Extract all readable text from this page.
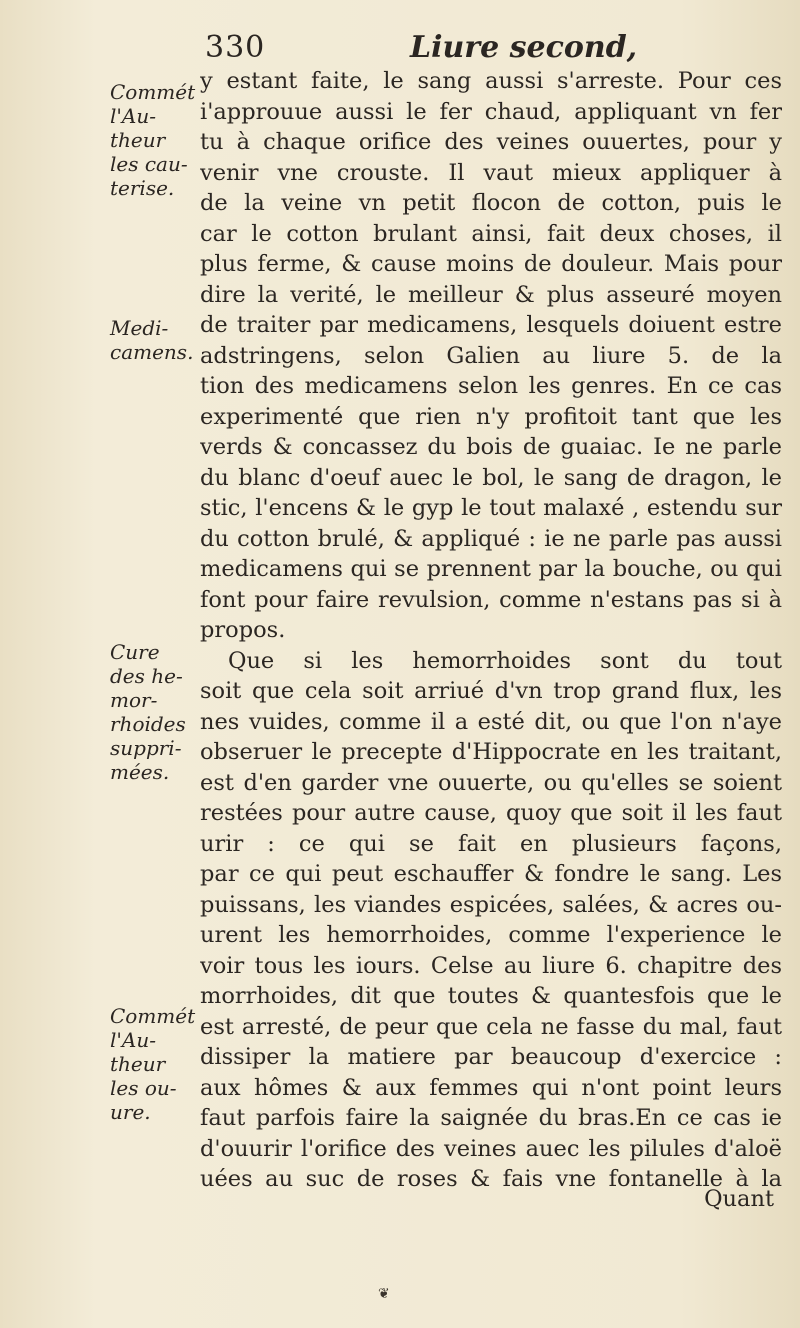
330	Liure second,
Commét l'Au-theur les cau-terise.
Medi-camens.
Cure des he-mor-rhoides suppri-mées.
Commét l'Au-theur les ou-ure.
y estant faite, le sang aussi s'arreste. Pour ces
i'approuue aussi le fer chaud, appliquant vn fer
tu à chaque orifice des veines ouuertes, pour y
venir vne crouste. Il vaut mieux appliquer à
de la veine vn petit flocon de cotton, puis le
car le cotton brulant ainsi, fait deux choses, il
plus ferme, & cause moins de douleur. Mais pour
dire la verité, le meilleur & plus asseuré moyen
de traiter par medicamens, lesquels doiuent estre
adstringens, selon Galien au liure 5. de la
tion des medicamens selon les genres. En ce cas
experimenté que rien n'y profitoit tant que les
verds & concassez du bois de guaiac. Ie ne parle
du blanc d'oeuf auec le bol, le sang de dragon, le
stic, l'encens & le gyp le tout malaxé , estendu sur
du cotton brulé, & appliqué : ie ne parle pas aussi
medicamens qui se prennent par la bouche, ou qui
font pour faire revulsion, comme n'estans pas si à
propos.
Que si les hemorrhoides sont du tout
soit que cela soit arriué d'vn trop grand flux, les
nes vuides, comme il a esté dit, ou que l'on n'aye
obseruer le precepte d'Hippocrate en les traitant,
est d'en garder vne ouuerte, ou qu'elles se soient
restées pour autre cause, quoy que soit il les faut
urir : ce qui se fait en plusieurs façons,
par ce qui peut eschauffer & fondre le sang. Les
puissans, les viandes espicées, salées, & acres ou-
urent les hemorrhoides, comme l'experience le
voir tous les iours. Celse au liure 6. chapitre des
morrhoides, dit que toutes & quantesfois que le
est arresté, de peur que cela ne fasse du mal, faut
dissiper la matiere par beaucoup d'exercice :
aux hômes & aux femmes qui n'ont point leurs
faut parfois faire la saignée du bras.En ce cas ie
d'ouurir l'orifice des veines auec les pilules d'aloë
uées au suc de roses & fais vne fontanelle à la
Quant
❦
